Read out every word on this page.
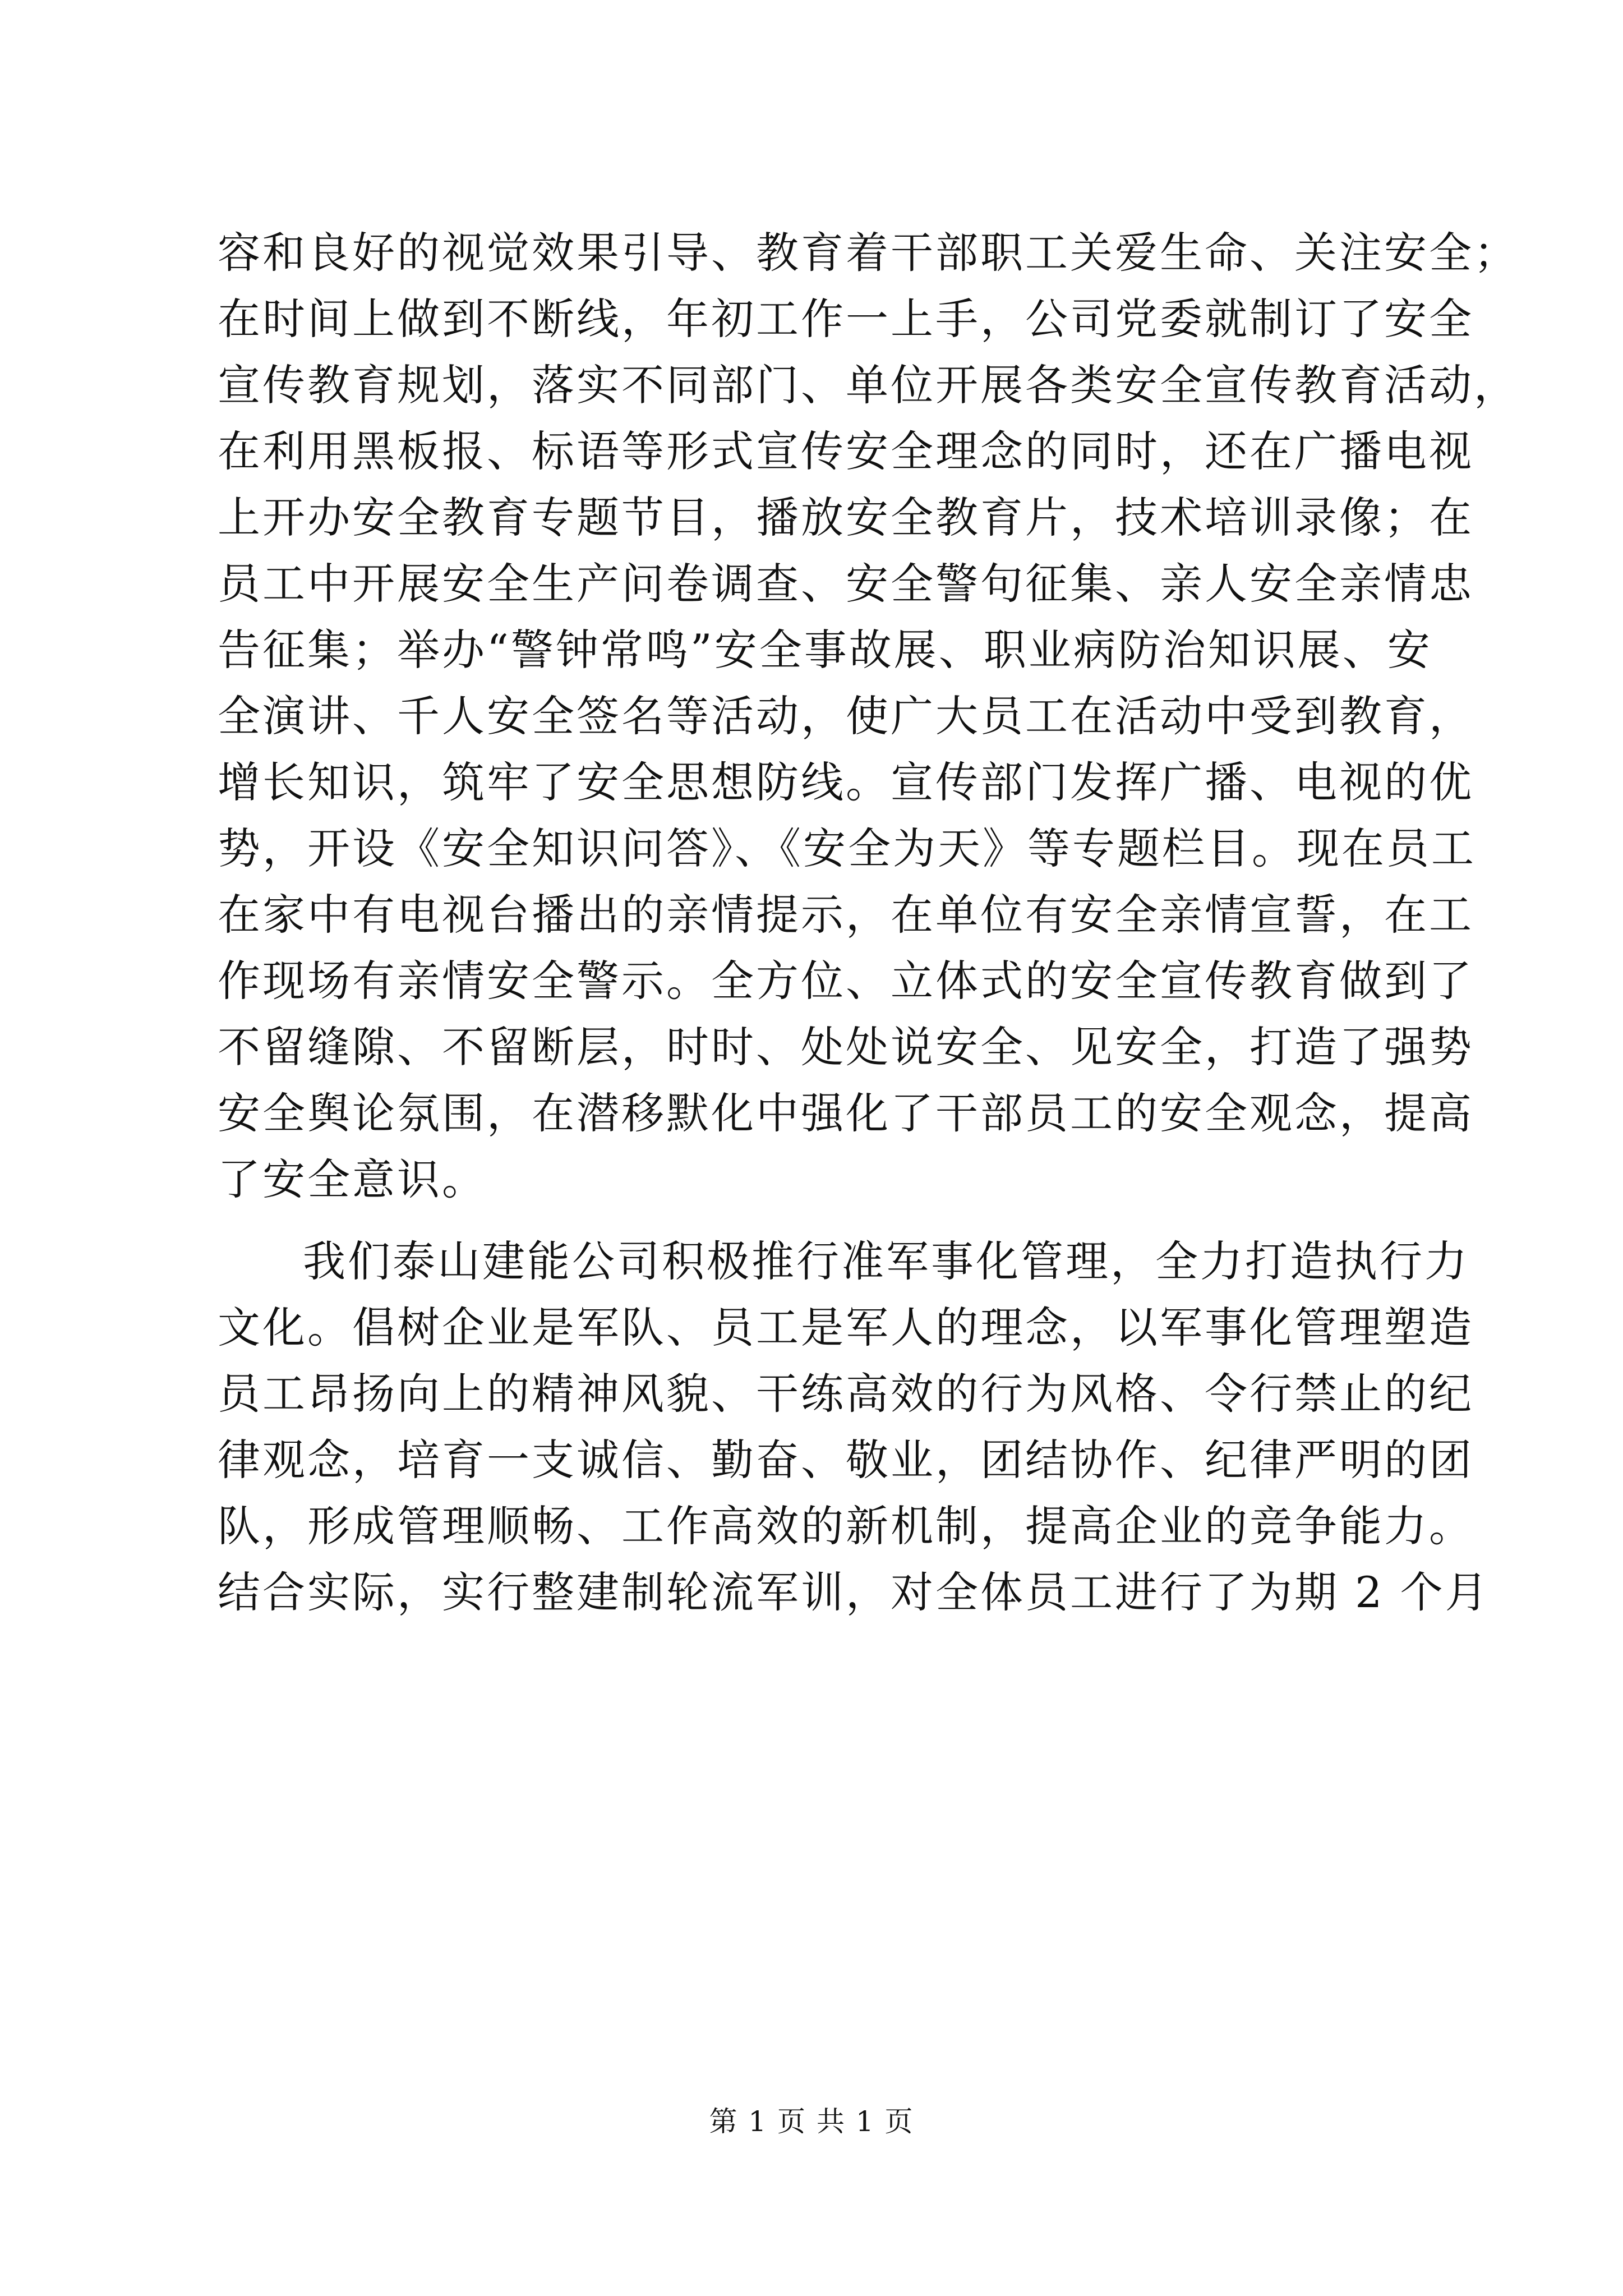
容和良好的视觉效果引导、教育着干部职工关爱生命、关注安全；
在时间上做到不断线，年初工作一上手，公司党委就制订了安全
宣传教育规划，落实不同部门、单位开展各类安全宣传教育活动，
在利用黑板报、标语等形式宣传安全理念的同时，还在广播电视
上开办安全教育专题节目，播放安全教育片，技术培训录像；在
员工中开展安全生产问卷调查、安全警句征集、亲人安全亲情忠
告征集；举办“警钟常鸣”安全事故展、职业病防治知识展、安
全演讲、千人安全签名等活动，使广大员工在活动中受到教育，
增长知识，筑牢了安全思想防线。宣传部门发挥广播、电视的优
势，开设《安全知识问答》、《安全为天》等专题栏目。现在员工
在家中有电视台播出的亲情提示，在单位有安全亲情宣誓，在工
作现场有亲情安全警示。全方位、立体式的安全宣传教育做到了
不留缝隙、不留断层，时时、处处说安全、见安全，打造了强势
安全舆论氛围，在潜移默化中强化了干部员工的安全观念，提高
了安全意识。
我们泰山建能公司积极推行准军事化管理，全力打造执行力
文化。倡树企业是军队、员工是军人的理念，以军事化管理塑造
员工昂扬向上的精神风貌、干练高效的行为风格、令行禁止的纪
律观念，培育一支诚信、勤奋、敬业，团结协作、纪律严明的团
队，形成管理顺畅、工作高效的新机制，提高企业的竞争能力。
结合实际，实行整建制轮流军训，对全体员工进行了为期 2 个月
第 1 页 共 1 页
